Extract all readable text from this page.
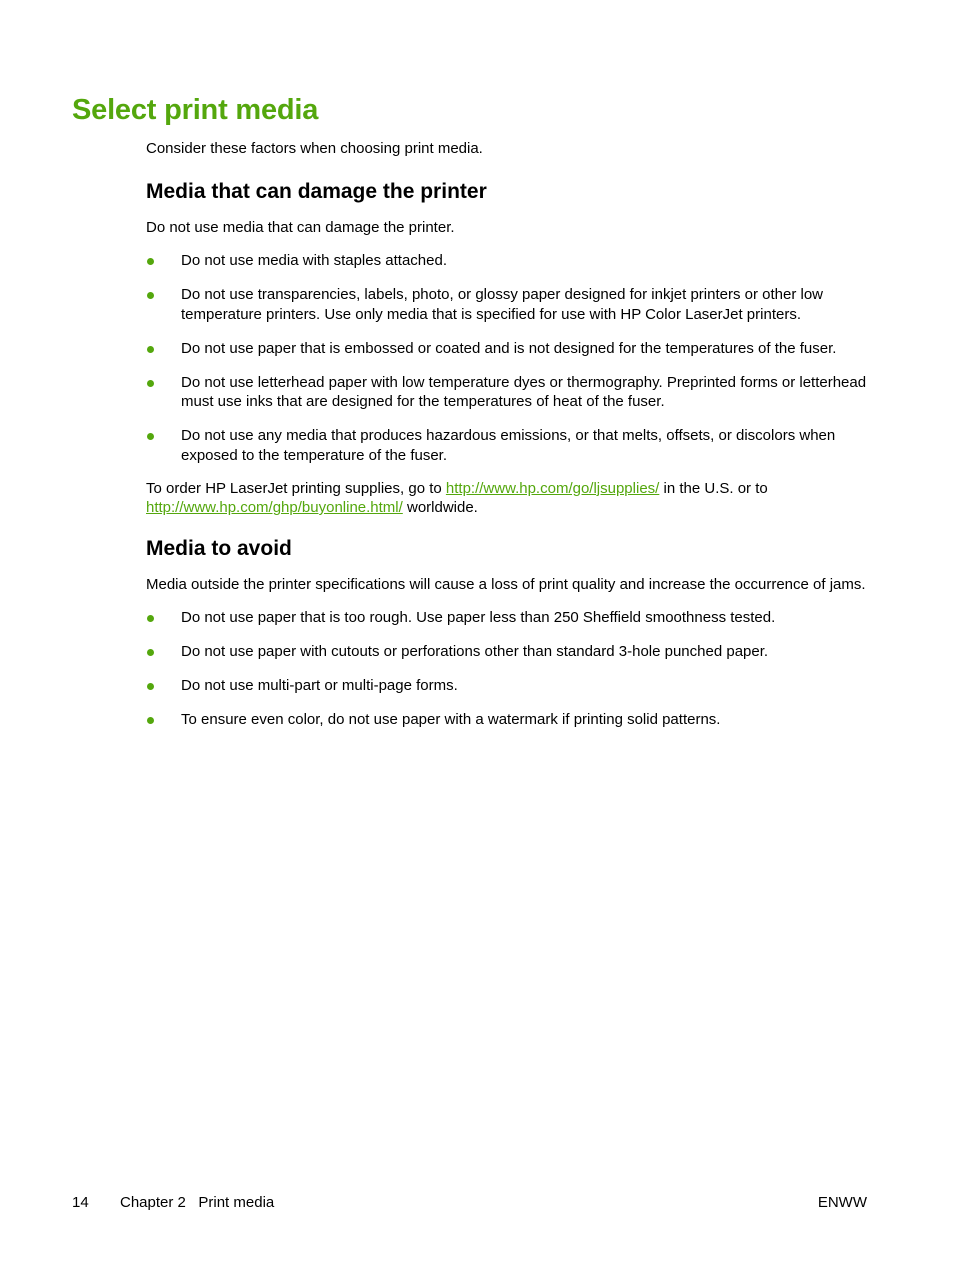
Select print media
Consider these factors when choosing print media.
Media that can damage the printer

Do not use media that can damage the printer.

Do not use media with staples attached.
Do not use transparencies, labels, photo, or glossy paper designed for inkjet printers or other low temperature printers. Use only media that is specified for use with HP Color LaserJet printers.
Do not use paper that is embossed or coated and is not designed for the temperatures of the fuser.
Do not use letterhead paper with low temperature dyes or thermography. Preprinted forms or letterhead must use inks that are designed for the temperatures of heat of the fuser.
Do not use any media that produces hazardous emissions, or that melts, offsets, or discolors when exposed to the temperature of the fuser.

To order HP LaserJet printing supplies, go to http://www.hp.com/go/ljsupplies/ in the U.S. or to
http://www.hp.com/ghp/buyonline.html/ worldwide.

Media to avoid

Media outside the printer specifications will cause a loss of print quality and increase the occurrence of jams.

Do not use paper that is too rough. Use paper less than 250 Sheffield smoothness tested.
Do not use paper with cutouts or perforations other than standard 3-hole punched paper.
Do not use multi-part or multi-page forms.
To ensure even color, do not use paper with a watermark if printing solid patterns.
14 Chapter 2   Print media	ENWW
